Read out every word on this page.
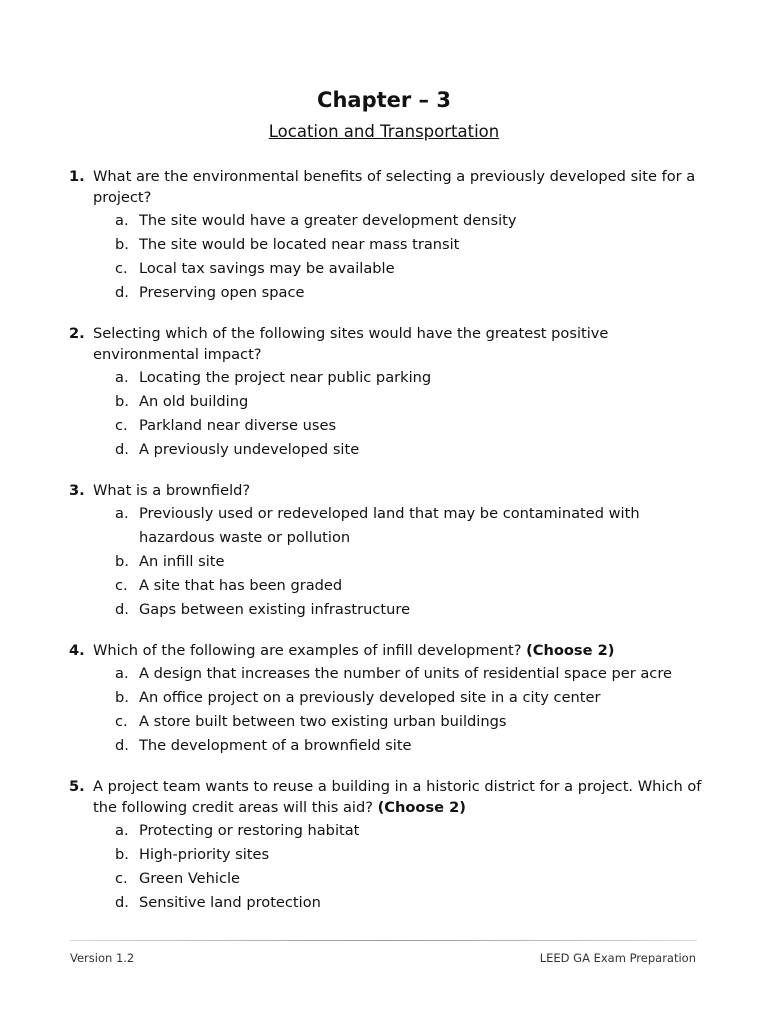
Chapter – 3
Location and Transportation
1. What are the environmental benefits of selecting a previously developed site for a project?
a. The site would have a greater development density
b. The site would be located near mass transit
c. Local tax savings may be available
d. Preserving open space
2. Selecting which of the following sites would have the greatest positive environmental impact?
a. Locating the project near public parking
b. An old building
c. Parkland near diverse uses
d. A previously undeveloped site
3. What is a brownfield?
a. Previously used or redeveloped land that may be contaminated with hazardous waste or pollution
b. An infill site
c. A site that has been graded
d. Gaps between existing infrastructure
4. Which of the following are examples of infill development? (Choose 2)
a. A design that increases the number of units of residential space per acre
b. An office project on a previously developed site in a city center
c. A store built between two existing urban buildings
d. The development of a brownfield site
5. A project team wants to reuse a building in a historic district for a project. Which of the following credit areas will this aid? (Choose 2)
a. Protecting or restoring habitat
b. High-priority sites
c. Green Vehicle
d. Sensitive land protection
Version 1.2	LEED GA Exam Preparation
